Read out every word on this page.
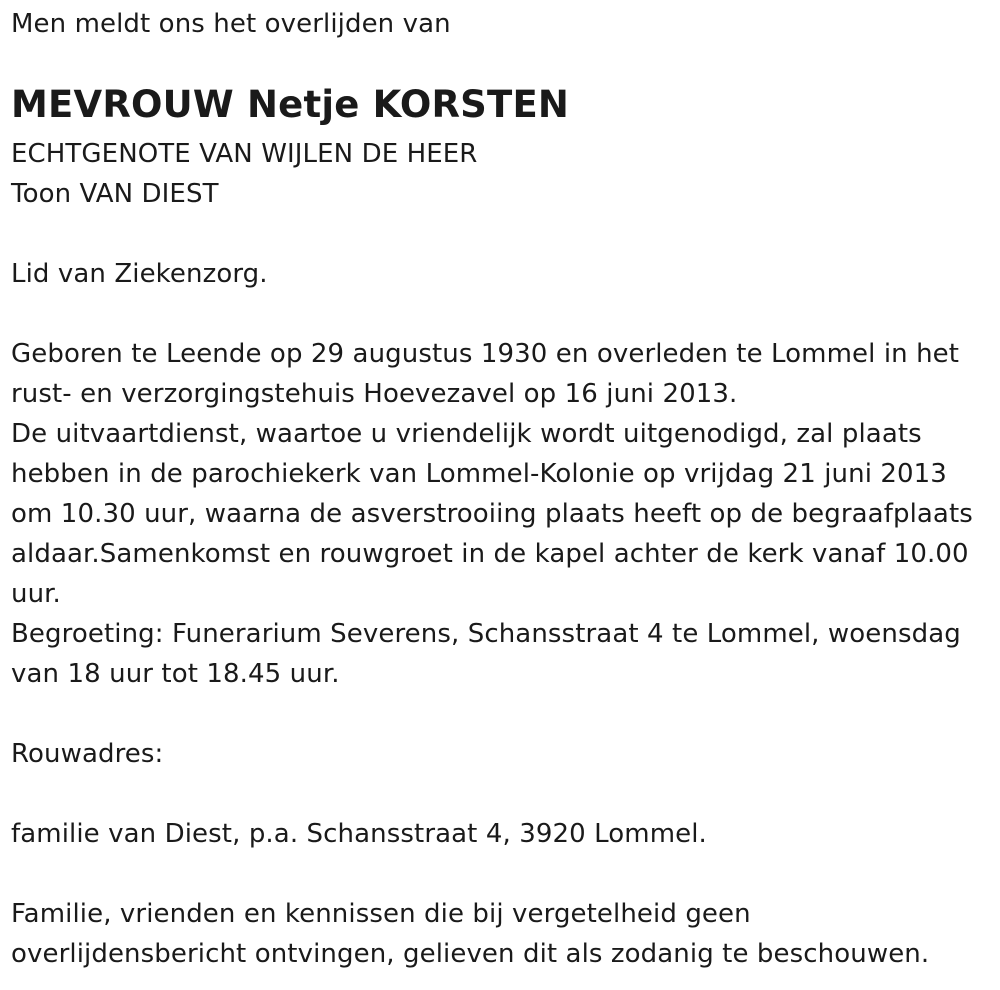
Men meldt ons het overlijden van
MEVROUW Netje KORSTEN
ECHTGENOTE VAN WIJLEN DE HEER
Toon VAN DIEST
Lid van Ziekenzorg.
Geboren te Leende op 29 augustus 1930 en overleden te Lommel in het
rust- en verzorgingstehuis Hoevezavel op 16 juni 2013.
De uitvaartdienst, waartoe u vriendelijk wordt uitgenodigd, zal plaats
hebben in de parochiekerk van Lommel-Kolonie op vrijdag 21 juni 2013
om 10.30 uur, waarna de asverstrooiing plaats heeft op de begraafplaats
aldaar.Samenkomst en rouwgroet in de kapel achter de kerk vanaf 10.00
uur.
Begroeting: Funerarium Severens, Schansstraat 4 te Lommel, woensdag
van 18 uur tot 18.45 uur.
Rouwadres:
familie van Diest, p.a. Schansstraat 4, 3920 Lommel.
Familie, vrienden en kennissen die bij vergetelheid geen
overlijdensbericht ontvingen, gelieven dit als zodanig te beschouwen.
